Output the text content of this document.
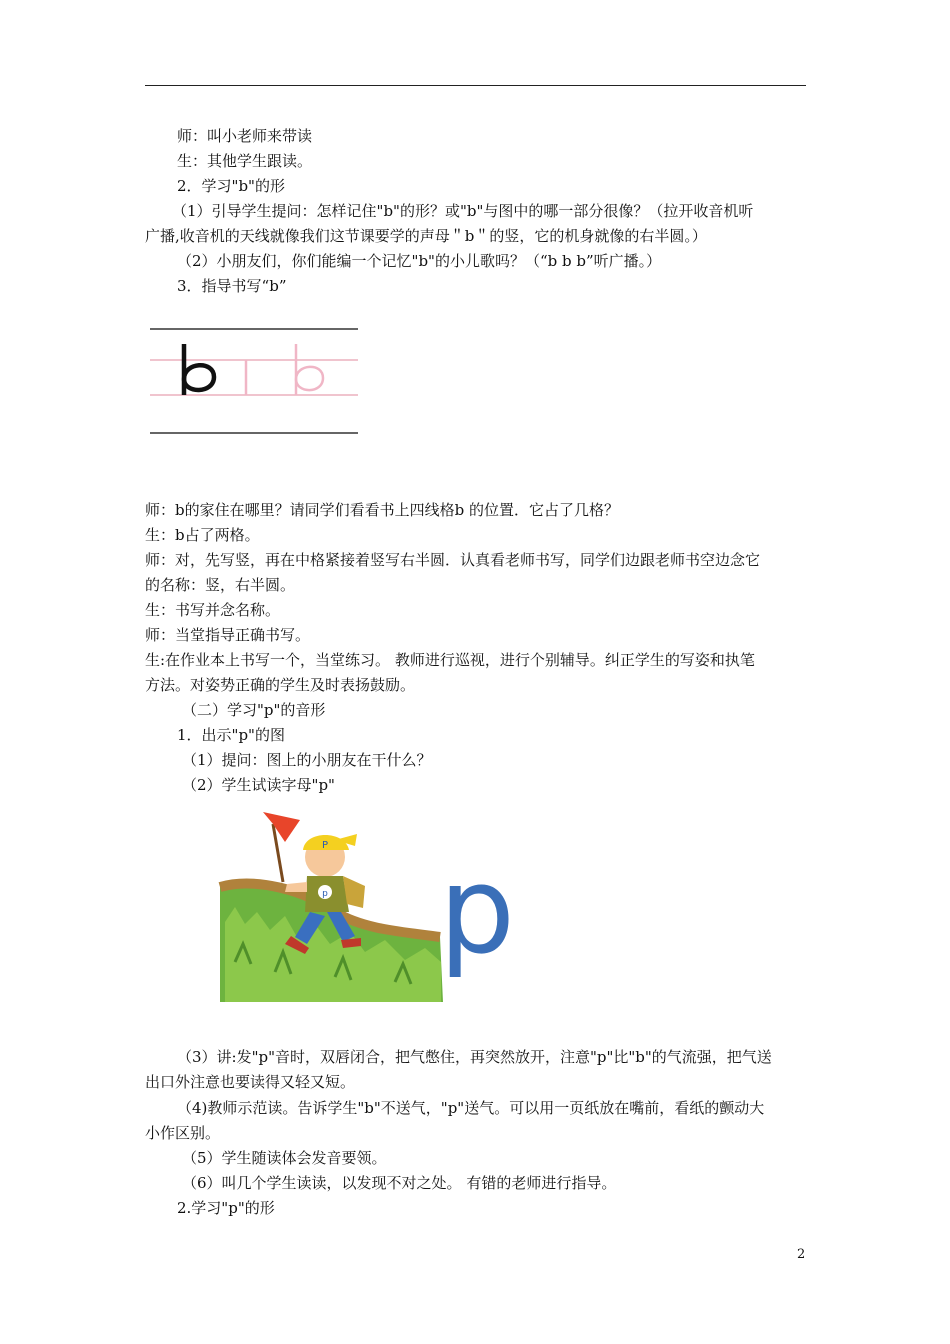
师：叫小老师来带读
生：其他学生跟读。
2．学习"b"的形
（1）引导学生提问：怎样记住"b"的形？或"b"与图中的哪一部分很像？（拉开收音机听
广播,收音机的天线就像我们这节课要学的声母＂b＂的竖，它的机身就像的右半圆。）
（2）小朋友们，你们能编一个记忆"b"的小儿歌吗？（“b b b”听广播。）
3．指导书写“b”
师：b的家住在哪里？请同学们看看书上四线格b 的位置．它占了几格？
生：b占了两格。
师：对，先写竖，再在中格紧接着竖写右半圆．认真看老师书写，同学们边跟老师书空边念它
的名称：竖，右半圆。
生：书写并念名称。
师：当堂指导正确书写。
生:在作业本上书写一个，当堂练习。 教师进行巡视，进行个别辅导。纠正学生的写姿和执笔
方法。对姿势正确的学生及时表扬鼓励。
（二）学习"p"的音形
1．出示"p"的图
（1）提问：图上的小朋友在干什么？
（2）学生试读字母"p"
P
p p
（3）讲:发"p"音时，双唇闭合，把气憋住，再突然放开，注意"p"比"b"的气流强，把气送
出口外注意也要读得又轻又短。
（4)教师示范读。告诉学生"b"不送气，"p"送气。可以用一页纸放在嘴前，看纸的颤动大
小作区别。
（5）学生随读体会发音要领。
（6）叫几个学生读读，以发现不对之处。 有错的老师进行指导。
2.学习"p"的形
2
